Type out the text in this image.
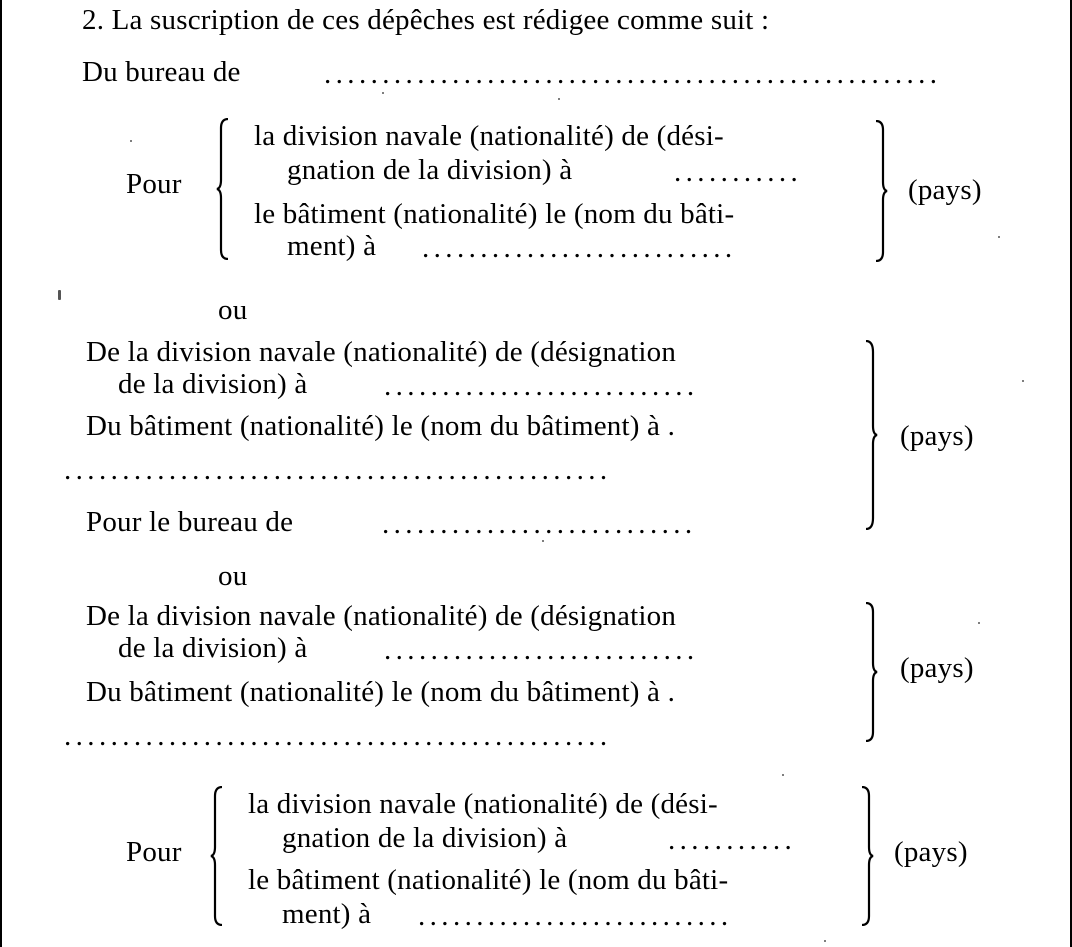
2. La suscription de ces dépêches est rédigee comme suit :
Du bureau de	.....................................................
Pour
la division navale (nationalité) de (dési-
gnation de la division) à	...........
le bâtiment (nationalité) le (nom du bâti-
ment) à ...........................
(pays)
ou
De la division navale (nationalité) de (désignation
de la division) à	...........................
Du bâtiment (nationalité) le (nom du bâtiment) à .
...............................................
Pour le bureau de	...........................
(pays)
ou
De la division navale (nationalité) de (désignation
de la division) à	...........................
Du bâtiment (nationalité) le (nom du bâtiment) à .
...............................................
(pays)
Pour
la division navale (nationalité) de (dési-
gnation de la division) à	...........
le bâtiment (nationalité) le (nom du bâti-
ment) à ...........................
(pays)
